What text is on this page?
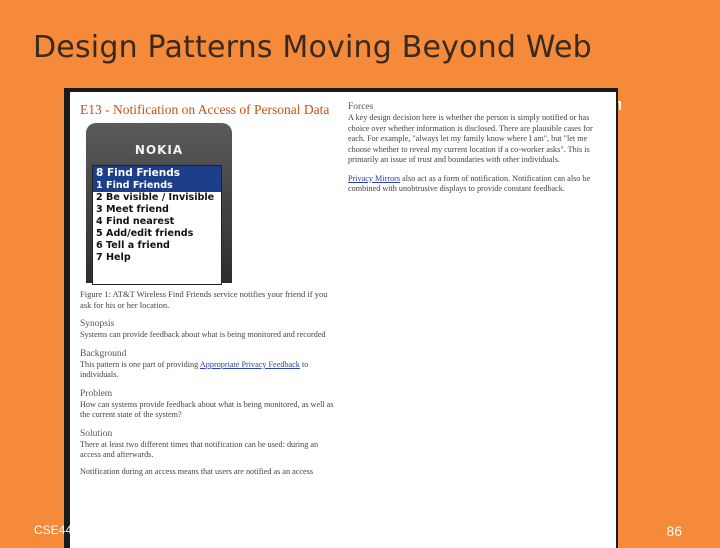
Design Patterns Moving Beyond Web
E13 - Notification on Access of Personal Data
NOKIA
8 Find Friends
1 Find Friends
2 Be visible / Invisible
3 Meet friend
4 Find nearest
5 Add/edit friends
6 Tell a friend
7 Help
Figure 1: AT&T Wireless Find Friends service notifies your friend if you ask for his or her location.
Synopsis
Systems can provide feedback about what is being monitored and recorded
Background
This pattern is one part of providing Appropriate Privacy Feedback to individuals.
Problem
How can systems provide feedback about what is being monitored, as well as the current state of the system?
Solution
There at least two different times that notification can be used: during an access and afterwards.
Notification during an access means that users are notified as an access
Forces
A key design decision here is whether the person is simply notified or has choice over whether information is disclosed. There are plausible cases for each. For example, "always let my family know where I am", but "let me choose whether to reveal my current location if a co-worker asks". This is primarily an issue of trust and boundaries with other individuals.
Privacy Mirrors also act as a form of notification. Notification can also be combined with unobtrusive displays to provide constant feedback.
CSE44	86
